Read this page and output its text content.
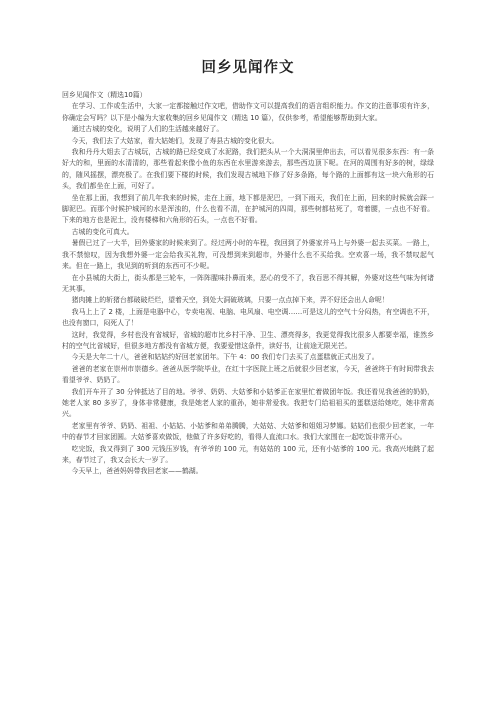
回乡见闻作文

回乡见闻作文（精选10篇）

在学习、工作或生活中，大家一定都接触过作文吧，借助作文可以提高我们的语言组织能力。作文的注意事项有许多，你确定会写吗？以下是小编为大家收集的回乡见闻作文（精选 10 篇），仅供参考，希望能够帮助到大家。

通过古城的变化，说明了人们的生活越来越好了。

今天，我们去了大姑家，看大姑她们，发现了寿县古城的变化很大。

我和丹丹大姐去了古城玩，古城的路已经变成了水泥路，我们把头从一个大洞洞里伸出去，可以看见很多东西：有一条好大的和，里面的水清清的，那些看起来像小鱼的东西在水里游来游去，那些西边顶下呢。在河的周围有好多的树，绿绿的，随风摇摆，漂亮极了。在我们要下楼的时候，我们发现古城地下修了好多条路，每个路的上面都有这一块六角形的石头，我们都坐在上面，可好了。

坐在那上面，我想到了前几年我来的时候，走在上面，地下都是泥巴，一到下雨天，我们在上面，回来的时候就会踩一脚泥巴。而那个时候护城河的水是浑浊的，什么也看不清，在护城河的四周，那些树都枯死了，弯着腰，一点也不好看。下来的地方也是泥土，没有楼梯和六角形的石头，一点也不好看。

古城的变化可真大。

暑假已过了一大半，回外婆家的时候来到了。经过两小时的车程，我回到了外婆家并马上与外婆一起去买菜。一路上，我不禁惊叹，因为我想外婆一定会给我买礼物，可没想到来到超市，外婆什么也不买给我。空欢喜一场，我不禁叹起气来。但在一路上，我见到的听到的东西可不少呢。

在小县城的大街上，街头都是三轮车，一阵阵腥味扑鼻而来，恶心的受不了，我百思不得其解，外婆对这些气味为何诸无其事。

猪肉摊上的斩猪台都破破烂烂，望着天空，到处大洞破玻璃，只要一点点掉下来，弄不好还会出人命呢！

我马上上了 2 楼，上面是电器中心，专卖电视、电脑、电风扇、电空调……可是这儿的空气十分闷热，有空调也不开，也没有窗口，闷死人了！

这时，我觉得，乡村也没有省城好，省城的超市比乡村干净、卫生、漂亮得多，我更觉得我比很多人都要幸福，谁然乡村的空气比省城好，但很多地方都没有省城方便，我要爱惜这条件，读好书，让前途无限光芒。

今天是大年二十八，爸爸和姑姑约好回老家团年。下午 4：00 我们专门去买了点蛋糕就正式出发了。

爸爸的老家在崇州市崇德乡。爸爸从医学院毕业，在红十字医院上班之后就很少回老家，今天，爸爸终于有时间带我去看望爷爷、奶奶了。

我们开车开了 30 分钟抵达了目的地。爷爷、奶奶、大姑爹和小姑爹正在家里忙着做团年饭。我还看见我爸爸的奶奶，她老人家 80 多岁了，身体非常健康，我是她老人家的重孙，她非常爱我。我把专门给祖祖买的蛋糕送给她吃，她非常高兴。

老家里有爷爷、奶奶、祖祖、小姑姑、小姑爹和弟弟腾腾，大姑姑、大姑爹和姐姐习梦娜。姑姑们也很少回老家，一年中的春节才回家团圆。大姑爹喜欢做饭，他做了许多好吃的，看得人直流口水。我们大家围在一起吃饭非常开心。

吃完饭，我又得到了 300 元钱压岁钱，有爷爷的 100 元，有姑姑的 100 元，还有小姑爹的 100 元。我高兴地跳了起来，春节过了，我又会长大一岁了。

今天早上，爸爸妈妈带我回老家——鹤湖。
